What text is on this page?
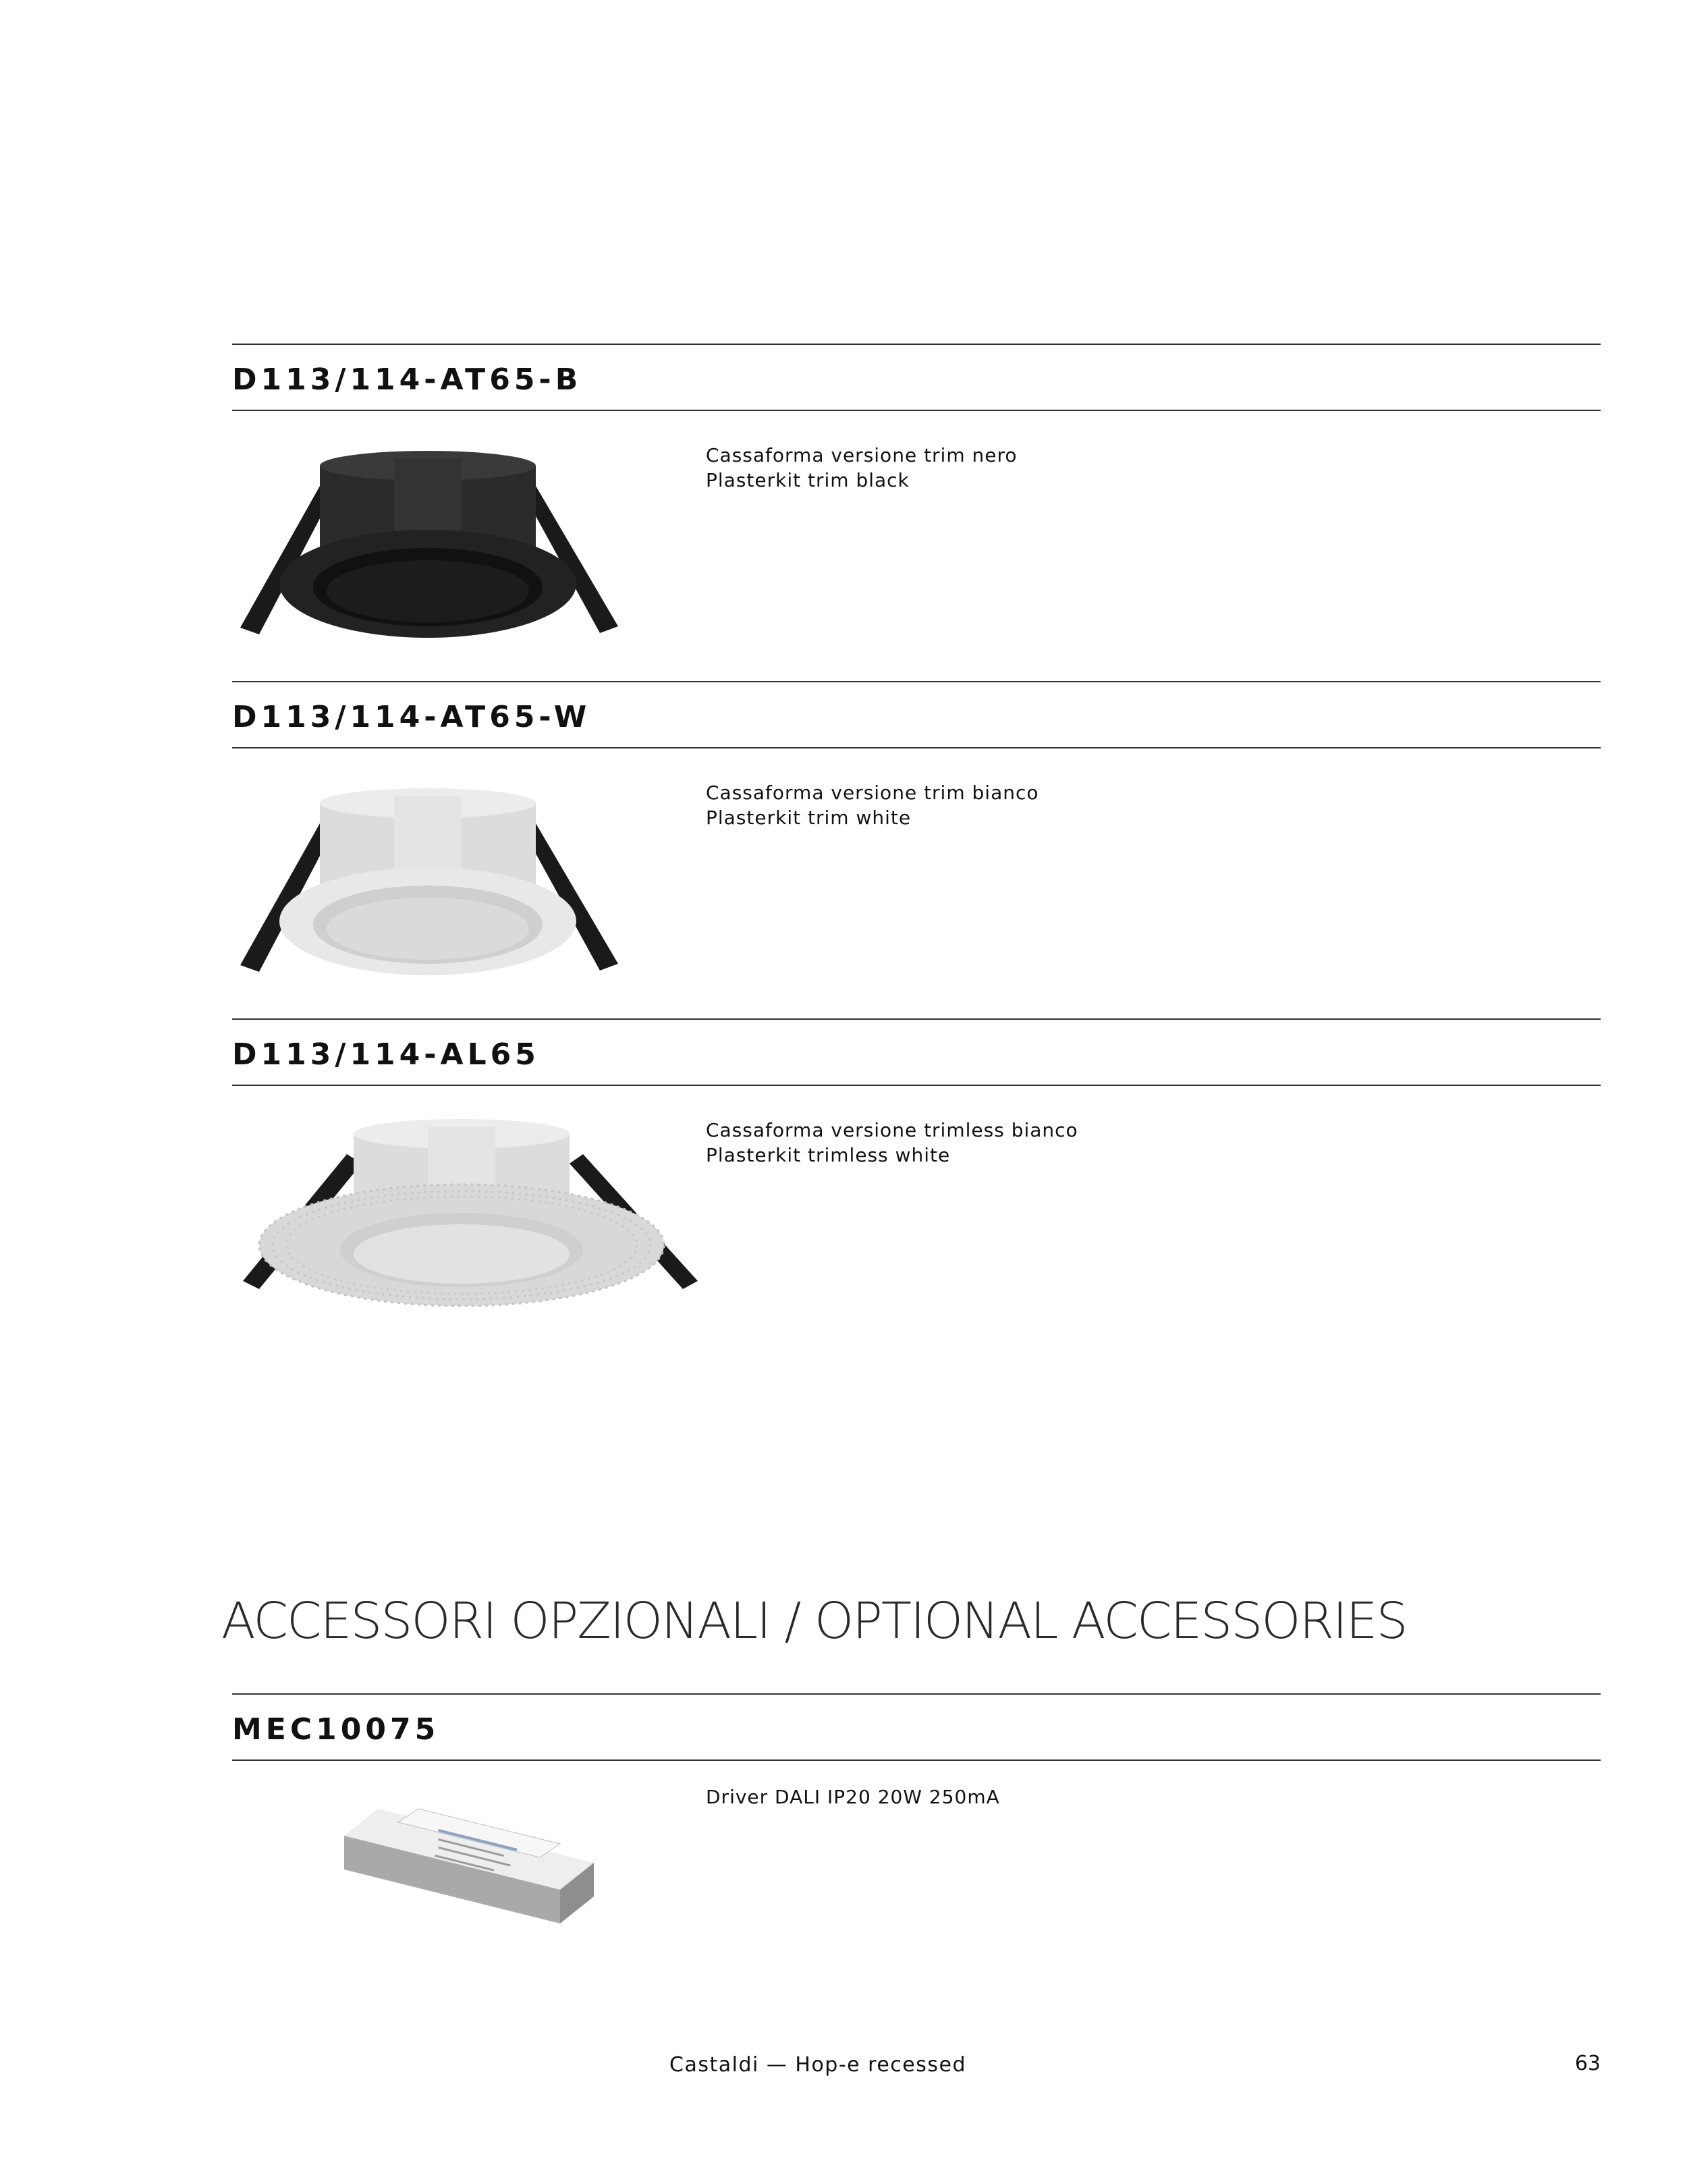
D113/114-AT65-B
Cassaforma versione trim nero
Plasterkit trim black
D113/114-AT65-W
Cassaforma versione trim bianco
Plasterkit trim white
D113/114-AL65
Cassaforma versione trimless bianco
Plasterkit trimless white
ACCESSORI OPZIONALI / OPTIONAL ACCESSORIES
MEC10075
Driver DALI IP20 20W 250mA
Castaldi — Hop-e recessed	63
